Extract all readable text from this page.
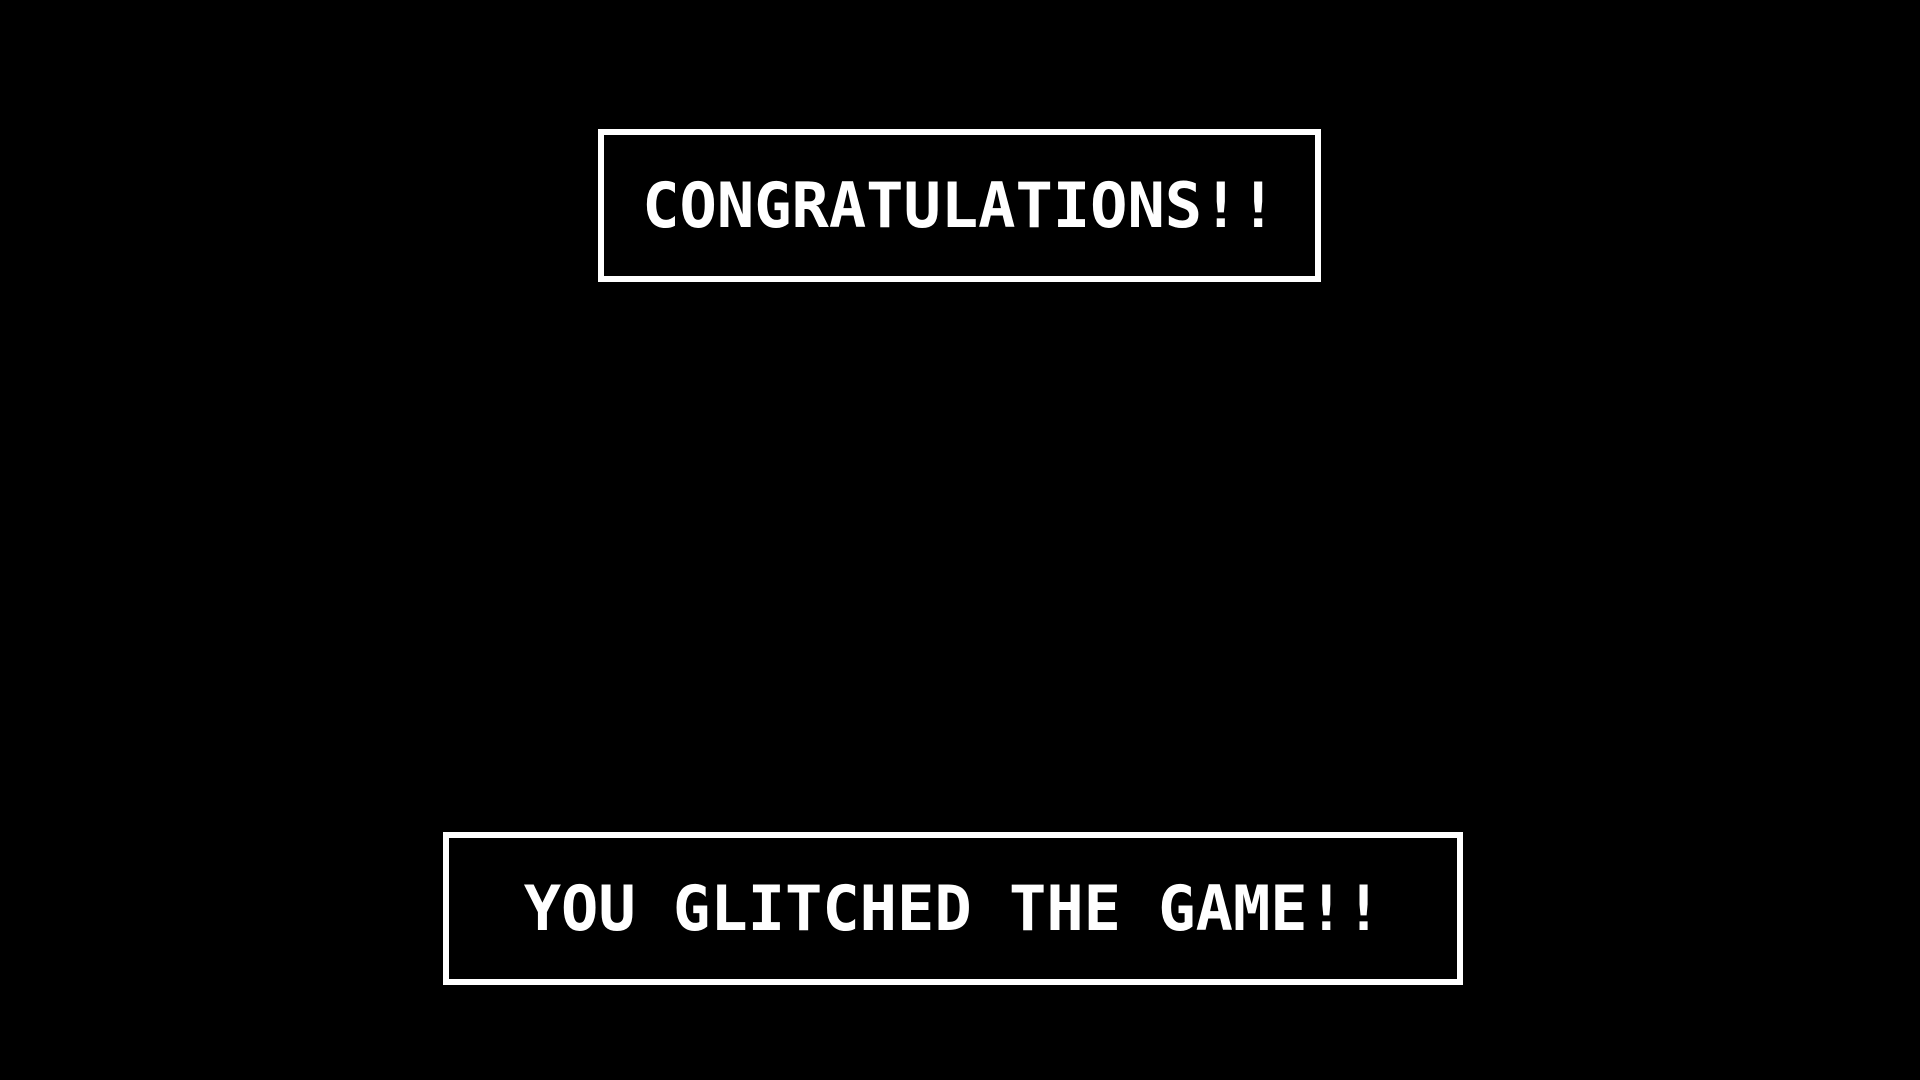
CONGRATULATIONS!!
YOU GLITCHED THE GAME!!
